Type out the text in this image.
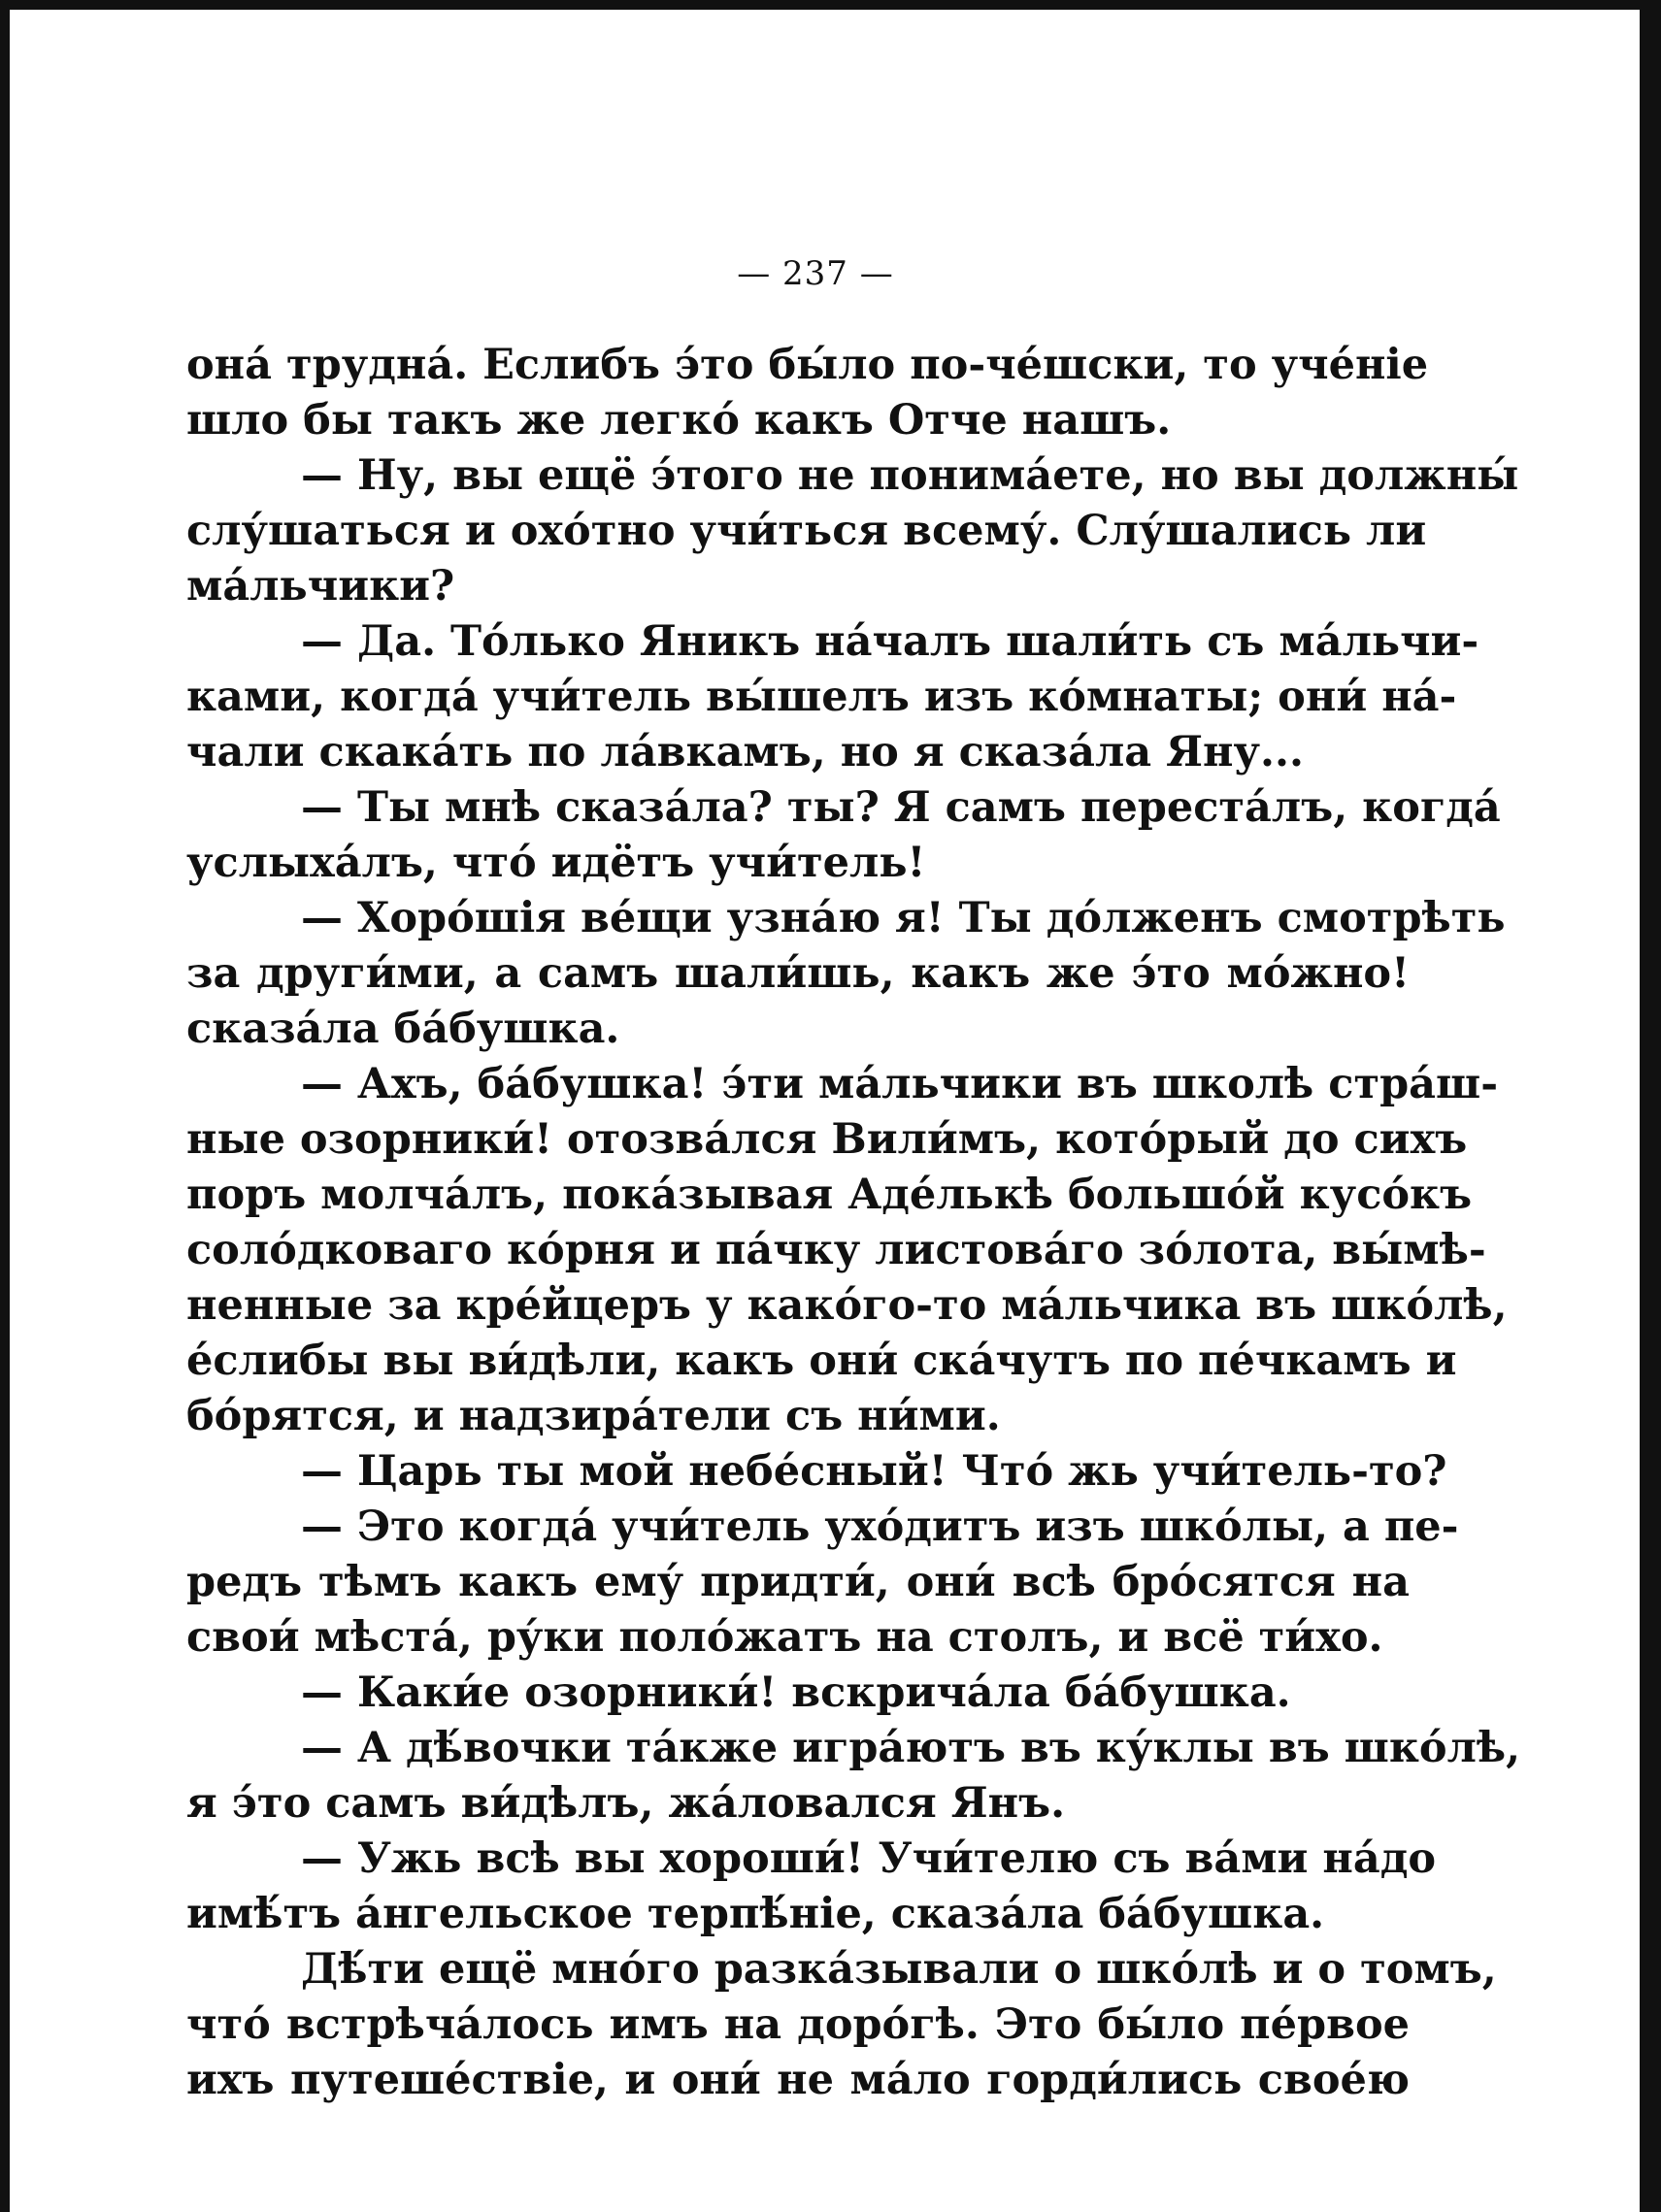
— 237 —
она́ трудна́. Еслибъ э́то бы́ло по-че́шски, то уче́ніе
шло бы такъ же легко́ какъ Отче нашъ.
— Ну, вы ещё э́того не понима́ете, но вы должны́
слу́шаться и охо́тно учи́ться всему́. Слу́шались ли
ма́льчики?
— Да. То́лько Яникъ на́чалъ шали́ть съ ма́льчи-
ками, когда́ учи́тель вы́шелъ изъ ко́мнаты; они́ на́-
чали скака́ть по ла́вкамъ, но я сказа́ла Яну...
— Ты мнѣ сказа́ла? ты? Я самъ переста́лъ, когда́
услыха́лъ, что́ идётъ учи́тель!
— Хоро́шія ве́щи узна́ю я! Ты до́лженъ смотрѣть
за други́ми, а самъ шали́шь, какъ же э́то мо́жно!
сказа́ла ба́бушка.
— Ахъ, ба́бушка! э́ти ма́льчики въ школѣ стра́ш-
ные озорники́! отозва́лся Вили́мъ, кото́рый до сихъ
поръ молча́лъ, пока́зывая Аде́лькѣ большо́й кусо́къ
соло́дковаго ко́рня и па́чку листова́го зо́лота, вы́мѣ-
ненные за кре́йцеръ у како́го-то ма́льчика въ шко́лѣ,
е́слибы вы ви́дѣли, какъ они́ ска́чутъ по пе́чкамъ и
бо́рятся, и надзира́тели съ ни́ми.
— Царь ты мой небе́сный! Что́ жь учи́тель-то?
— Это когда́ учи́тель ухо́дитъ изъ шко́лы, а пе-
редъ тѣмъ какъ ему́ придти́, они́ всѣ бро́сятся на
свои́ мѣста́, ру́ки поло́жатъ на столъ, и всё ти́хо.
— Каки́е озорники́! вскрича́ла ба́бушка.
— А дѣ́вочки та́кже игра́ютъ въ ку́клы въ шко́лѣ,
я э́то самъ ви́дѣлъ, жа́ловался Янъ.
— Ужь всѣ вы хороши́! Учи́телю съ ва́ми на́до
имѣ́тъ а́нгельское терпѣ́ніе, сказа́ла ба́бушка.
Дѣ́ти ещё мно́го разка́зывали о шко́лѣ и о томъ,
что́ встрѣча́лось имъ на доро́гѣ. Это бы́ло пе́рвое
ихъ путеше́ствіе, и они́ не ма́ло горди́лись свое́ю
